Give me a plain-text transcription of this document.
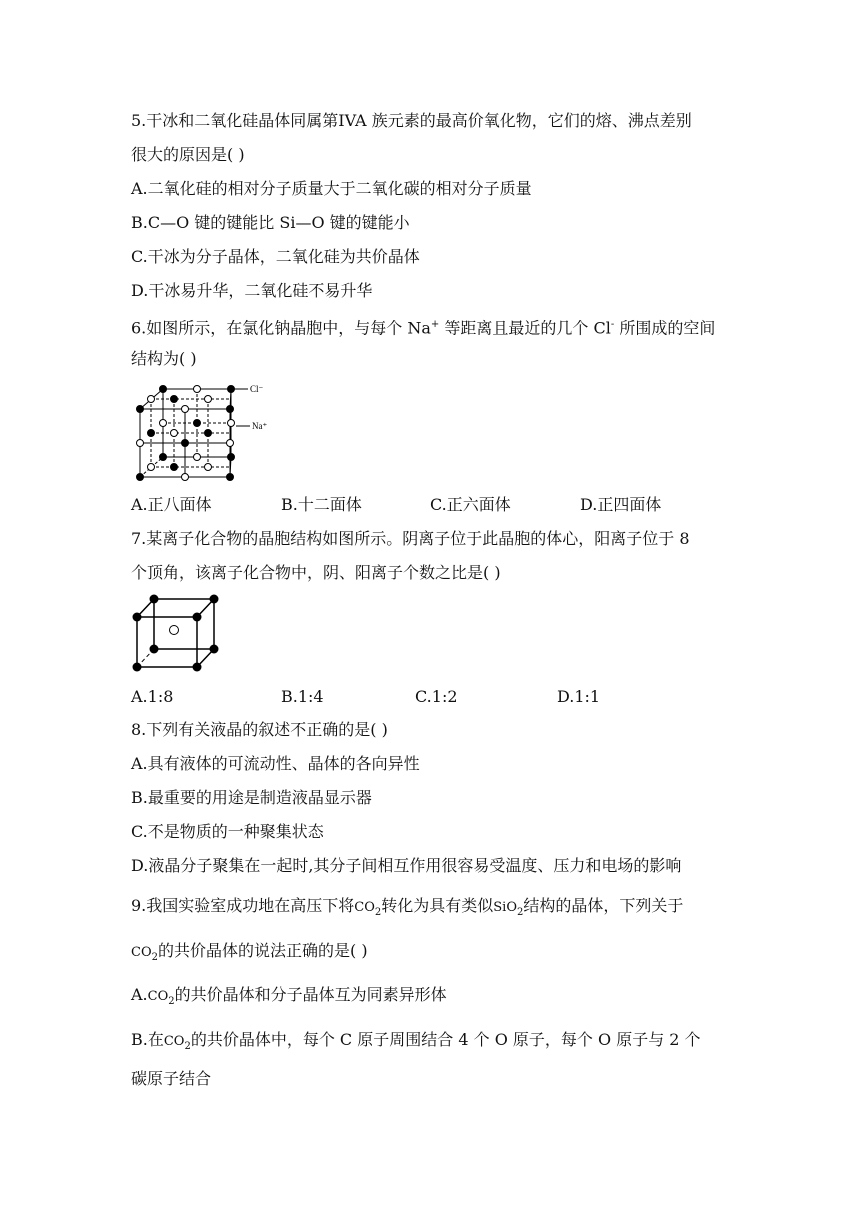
5.干冰和二氧化硅晶体同属第IVA 族元素的最高价氧化物，它们的熔、沸点差别
很大的原因是( )
A.二氧化硅的相对分子质量大于二氧化碳的相对分子质量
B.C—O 键的键能比 Si—O 键的键能小
C.干冰为分子晶体，二氧化硅为共价晶体
D.干冰易升华，二氧化硅不易升华
6.如图所示，在氯化钠晶胞中，与每个 Na+ 等距离且最近的几个 Cl- 所围成的空间
结构为( )
Cl⁻
Na⁺
A.正八面体	B.十二面体	C.正六面体	D.正四面体
7.某离子化合物的晶胞结构如图所示。阴离子位于此晶胞的体心，阳离子位于 8
个顶角，该离子化合物中，阴、阳离子个数之比是( )
A.1:8	B.1:4	C.1:2	D.1:1
8.下列有关液晶的叙述不正确的是( )
A.具有液体的可流动性、晶体的各向异性
B.最重要的用途是制造液晶显示器
C.不是物质的一种聚集状态
D.液晶分子聚集在一起时,其分子间相互作用很容易受温度、压力和电场的影响
9.我国实验室成功地在高压下将$CO_2$转化为具有类似SiO$_2$结构的晶体，下列关于
$CO_2$的共价晶体的说法正确的是( )
$A.CO_2$的共价晶体和分子晶体互为同素异形体
B.在$CO_2$的共价晶体中，每个 C 原子周围结合 4 个 O 原子，每个 O 原子与 2 个
碳原子结合
